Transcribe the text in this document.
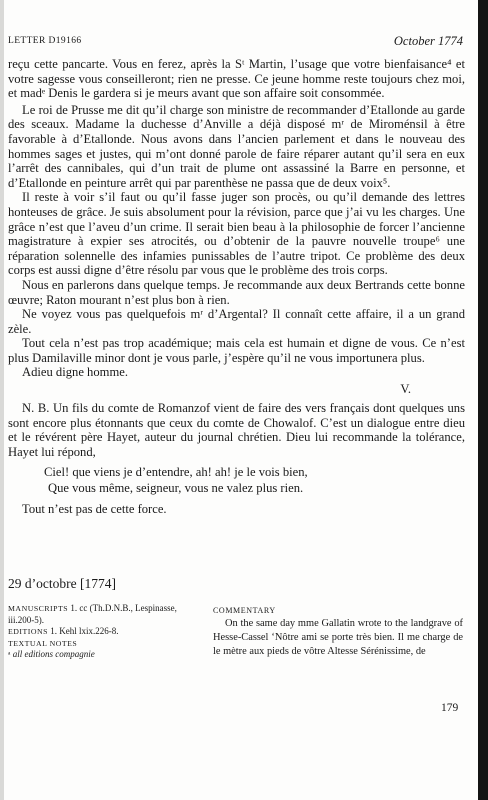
LETTER D19166	October 1774

reçu cette pancarte. Vous en ferez, après la Sᵗ Martin, l’usage que votre bienfaisance⁴ et votre sagesse vous conseilleront; rien ne presse. Ce jeune homme reste toujours chez moi, et madᵉ Denis le gardera si je meurs avant que son affaire soit consommée.

Le roi de Prusse me dit qu’il charge son ministre de recommander d’Etallonde au garde des sceaux. Madame la duchesse d’Anville a déjà disposé mʳ de Miroménsil à être favorable à d’Etallonde. Nous avons dans l’ancien parlement et dans le nouveau des hommes sages et justes, qui m’ont donné parole de faire réparer autant qu’il sera en eux l’arrêt des cannibales, qui d’un trait de plume ont assassiné la Barre en personne, et d’Etallonde en peinture arrêt qui par parenthèse ne passa que de deux voix⁵.

Il reste à voir s’il faut ou qu’il fasse juger son procès, ou qu’il demande des lettres honteuses de grâce. Je suis absolument pour la révision, parce que j’ai vu les charges. Une grâce n’est que l’aveu d’un crime. Il serait bien beau à la philosophie de forcer l’ancienne magistrature à expier ses atrocités, ou d’obtenir de la pauvre nouvelle troupe⁶ une réparation solennelle des infamies punissables de l’autre tripot. Ce problème des deux corps est aussi digne d’être résolu par vous que le problème des trois corps.

Nous en parlerons dans quelque temps. Je recommande aux deux Bertrands cette bonne œuvre; Raton mourant n’est plus bon à rien.

Ne voyez vous pas quelquefois mʳ d’Argental? Il connaît cette affaire, il a un grand zèle.

Tout cela n’est pas trop académique; mais cela est humain et digne de vous. Ce n’est plus Damilaville minor dont je vous parle, j’espère qu’il ne vous importunera plus.

Adieu digne homme.

V.

N. B. Un fils du comte de Romanzof vient de faire des vers français dont quelques uns sont encore plus étonnants que ceux du comte de Chowalof. C’est un dialogue entre dieu et le révérent père Hayet, auteur du journal chrétien. Dieu lui recommande la tolérance, Hayet lui répond,

Ciel! que viens je d’entendre, ah! ah! je le vois bien,
Que vous même, seigneur, vous ne valez plus rien.

Tout n’est pas de cette force.

29 d’octobre [1774]
MANUSCRIPTS 1. cc (Th.D.N.B., Lespinasse, iii.200-5).
EDITIONS 1. Kehl lxix.226-8.
TEXTUAL NOTES
ᵃ all editions compagnie
COMMENTARY
On the same day mme Gallatin wrote to the landgrave of Hesse-Cassel ‘Nôtre ami se porte très bien. Il me charge de le mètre aux pieds de vôtre Altesse Sérénissime, de
179
